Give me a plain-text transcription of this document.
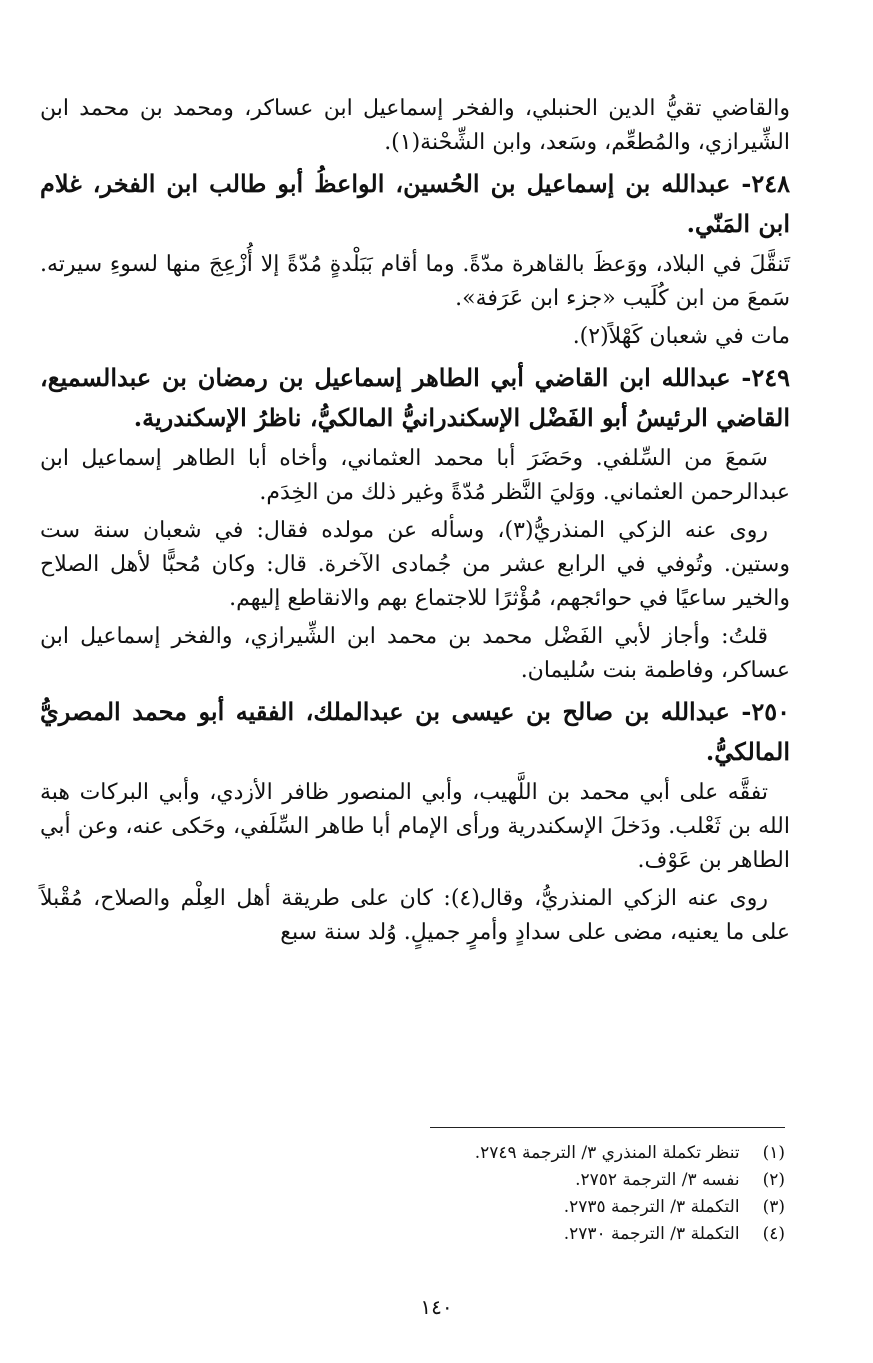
والقاضي تقيُّ الدين الحنبلي، والفخر إسماعيل ابن عساكر، ومحمد بن محمد ابن الشِّيرازي، والمُطعِّم، وسَعد، وابن الشِّحْنة(١).

٢٤٨- عبدالله بن إسماعيل بن الحُسين، الواعظُ أبو طالب ابن الفخر، غلام ابن المَنّي.

تَنقَّلَ في البلاد، ووَعظَ بالقاهرة مدّةً. وما أقام بَبَلْدةٍ مُدّةً إلا أُزْعِجَ منها لسوءِ سيرته. سَمعَ من ابن كُلَيب «جزء ابن عَرَفة».

مات في شعبان كَهْلاً(٢).

٢٤٩- عبدالله ابن القاضي أبي الطاهر إسماعيل بن رمضان بن عبدالسميع، القاضي الرئيسُ أبو الفَضْل الإسكندرانيُّ المالكيُّ، ناظرُ الإسكندرية.

سَمعَ من السِّلفي. وحَضَرَ أبا محمد العثماني، وأخاه أبا الطاهر إسماعيل ابن عبدالرحمن العثماني. ووَليَ النَّظر مُدّةً وغير ذلك من الخِدَم.

روى عنه الزكي المنذريُّ(٣)، وسأله عن مولده فقال: في شعبان سنة ست وستين. وتُوفي في الرابع عشر من جُمادى الآخرة. قال: وكان مُحبًّا لأهل الصلاح والخير ساعيًا في حوائجهم، مُؤْثرًا للاجتماع بهم والانقاطع إليهم.

قلتُ: وأجاز لأبي الفَضْل محمد بن محمد ابن الشِّيرازي، والفخر إسماعيل ابن عساكر، وفاطمة بنت سُليمان.

٢٥٠- عبدالله بن صالح بن عيسى بن عبدالملك، الفقيه أبو محمد المصريُّ المالكيُّ.

تفقَّه على أبي محمد بن اللَّهيب، وأبي المنصور ظافر الأزدي، وأبي البركات هبة الله بن ثَعْلب. ودَخلَ الإسكندرية ورأى الإمام أبا طاهر السِّلَفي، وحَكى عنه، وعن أبي الطاهر بن عَوْف.

روى عنه الزكي المنذريُّ، وقال(٤): كان على طريقة أهل العِلْم والصلاح، مُقْبلاً على ما يعنيه، مضى على سدادٍ وأمرٍ جميلٍ. وُلد سنة سبع

(١) تنظر تكملة المنذري ٣/ الترجمة ٢٧٤٩.
(٢) نفسه ٣/ الترجمة ٢٧٥٢.
(٣) التكملة ٣/ الترجمة ٢٧٣٥.
(٤) التكملة ٣/ الترجمة ٢٧٣٠.
١٤٠
